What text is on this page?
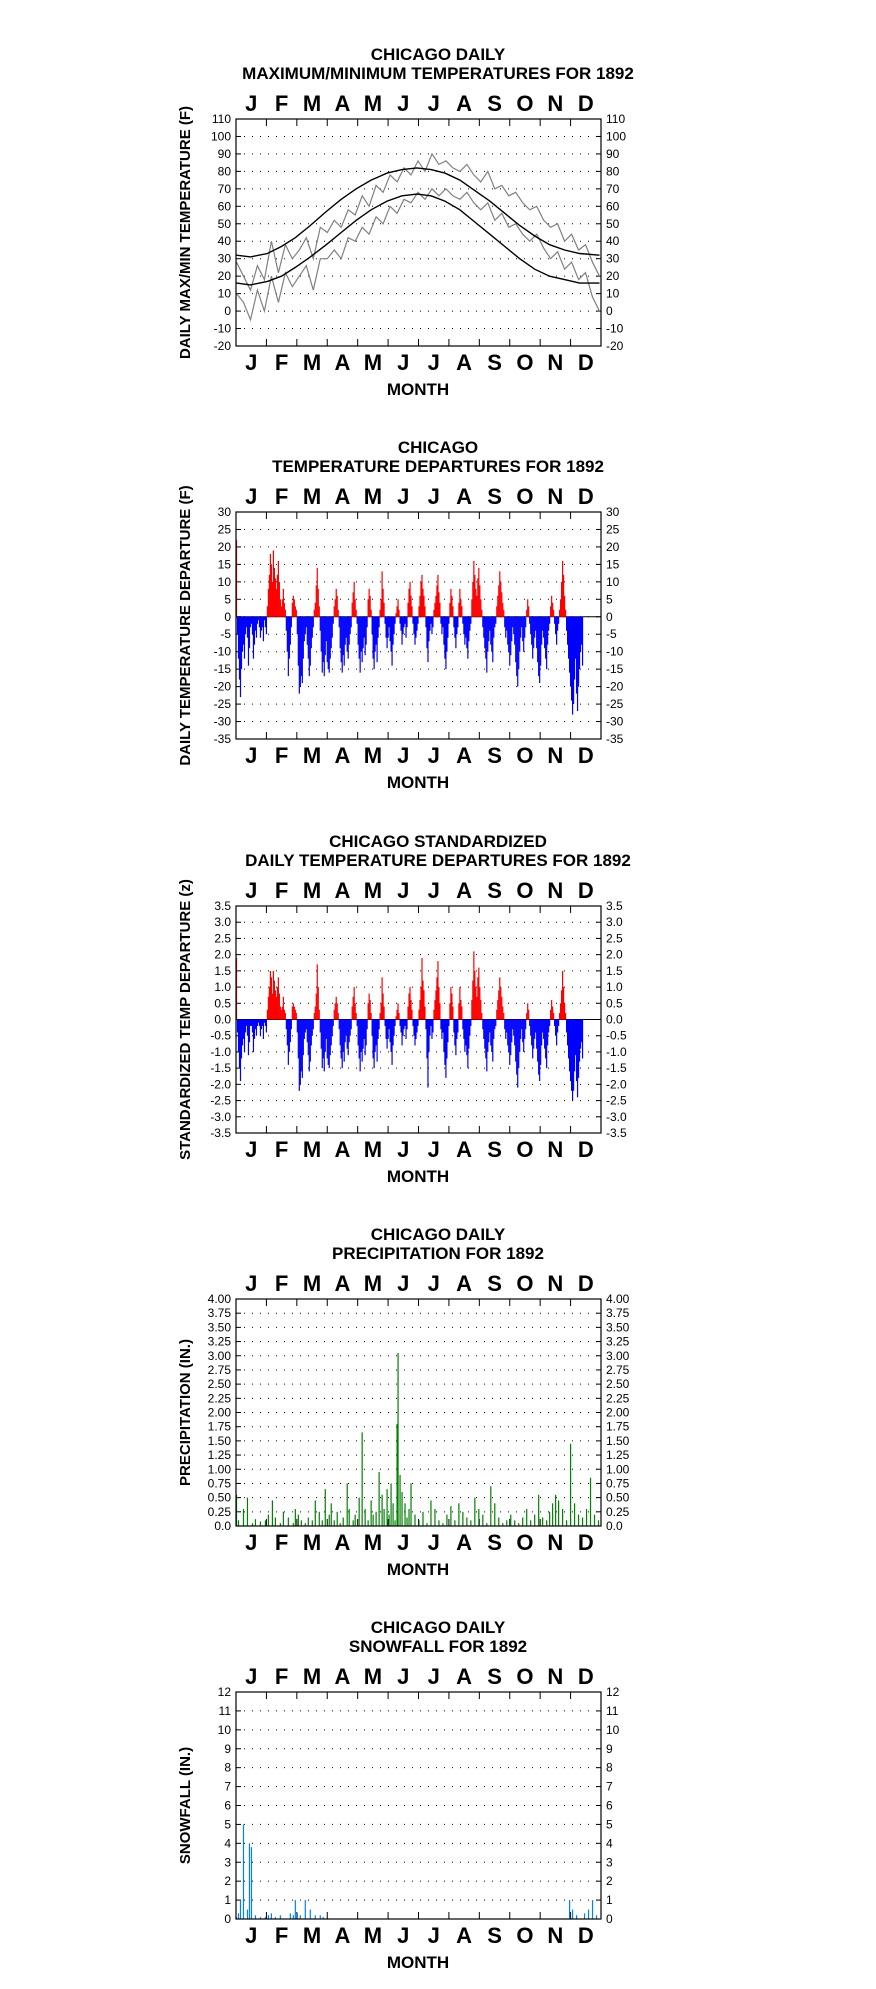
CHICAGO DAILY
MAXIMUM/MINIMUM TEMPERATURES FOR 1892
J
J
F
F
M
M
A
A
M
M
J
J
J
J
A
A
S
S
O
O
N
N
D
D
MONTH
DAILY MAX/MIN TEMPERATURE (F) -20	-20
-10	-10
0	0
10	10
20	20
30	30
40	40
50	50
60	60
70	70
80	80
90	90
100	100
110	110
CHICAGO
TEMPERATURE DEPARTURES FOR 1892
J
J
F
F
M
M
A
A
M
M
J
J
J
J
A
A
S
S
O
O
N
N
D
D
MONTH
DAILY TEMPERATURE DEPARTURE (F) -35	-35
-30	-30
-25	-25
-20	-20
-15	-15
-10	-10
-5	-5
0	0
5	5
10	10
15	15
20	20
25	25
30	30
CHICAGO STANDARDIZED
DAILY TEMPERATURE DEPARTURES FOR 1892
J
J
F
F
M
M
A
A
M
M
J
J
J
J
A
A
S
S
O
O
N
N
D
D
MONTH
STANDARDIZED TEMP DEPARTURE (z) -3.5	-3.5
-3.0	-3.0
-2.5	-2.5
-2.0	-2.0
-1.5	-1.5
-1.0	-1.0
-0.5	-0.5
0.0	0.0
0.5	0.5
1.0	1.0
1.5	1.5
2.0	2.0
2.5	2.5
3.0	3.0
3.5	3.5
CHICAGO DAILY
PRECIPITATION FOR 1892
J
J
F
F
M
M
A
A
M
M
J
J
J
J
A
A
S
S
O
O
N
N
D
D
MONTH
PRECIPITATION (IN.)
0.0	0.0
0.25	0.25
0.50	0.50
0.75	0.75
1.00	1.00
1.25	1.25
1.50	1.50
1.75	1.75
2.00	2.00
2.25	2.25
2.50	2.50
2.75	2.75
3.00	3.00
3.25	3.25
3.50	3.50
3.75	3.75
4.00	4.00
CHICAGO DAILY
SNOWFALL FOR 1892
J
J
F
F
M
M
A
A
M
M
J
J
J
J
A
A
S
S
O
O
N
N
D
D
MONTH
SNOWFALL (IN.)
0	0
1	1
2	2
3	3
4	4
5	5
6	6
7	7
8	8
9	9
10	10
11	11
12	12
